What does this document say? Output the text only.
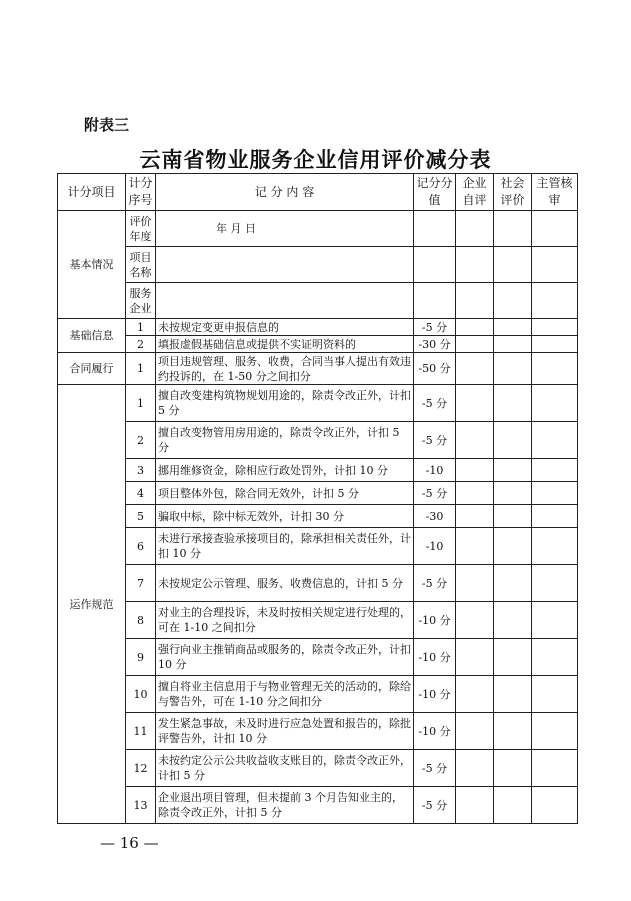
附表三
云南省物业服务企业信用评价减分表
计分项目	计分序号	记 分 内 容	记分分值	企业自评	社会评价	主管核审
基本情况	评价年度	年 月 日				
	项目名称					
	服务企业					
基础信息	1	未按规定变更申报信息的	-5 分			
	2	填报虚假基础信息或提供不实证明资料的	-30 分			
合同履行	1	项目违规管理、服务、收费，合同当事人提出有效违约投诉的，在 1-50 分之间扣分	-50 分			
运作规范	1	擅自改变建构筑物规划用途的，除责令改正外，计扣 5 分	-5 分			
	2	擅自改变物管用房用途的，除责令改正外，计扣 5 分	-5 分			
	3	挪用维修资金，除相应行政处罚外，计扣 10 分	-10			
	4	项目整体外包，除合同无效外，计扣 5 分	-5 分			
	5	骗取中标，除中标无效外，计扣 30 分	-30			
	6	未进行承接查验承接项目的，除承担相关责任外，计扣 10 分	-10			
	7	未按规定公示管理、服务、收费信息的，计扣 5 分	-5 分			
	8	对业主的合理投诉，未及时按相关规定进行处理的，可在 1-10 之间扣分	-10 分			
	9	强行向业主推销商品或服务的，除责令改正外，计扣 10 分	-10 分			
	10	擅自将业主信息用于与物业管理无关的活动的，除给与警告外，可在 1-10 分之间扣分	-10 分			
	11	发生紧急事故，未及时进行应急处置和报告的，除批评警告外，计扣 10 分	-10 分			
	12	未按约定公示公共收益收支账目的，除责令改正外，计扣 5 分	-5 分			
	13	企业退出项目管理，但未提前 3 个月告知业主的，除责令改正外，计扣 5 分	-5 分			
— 16 —
